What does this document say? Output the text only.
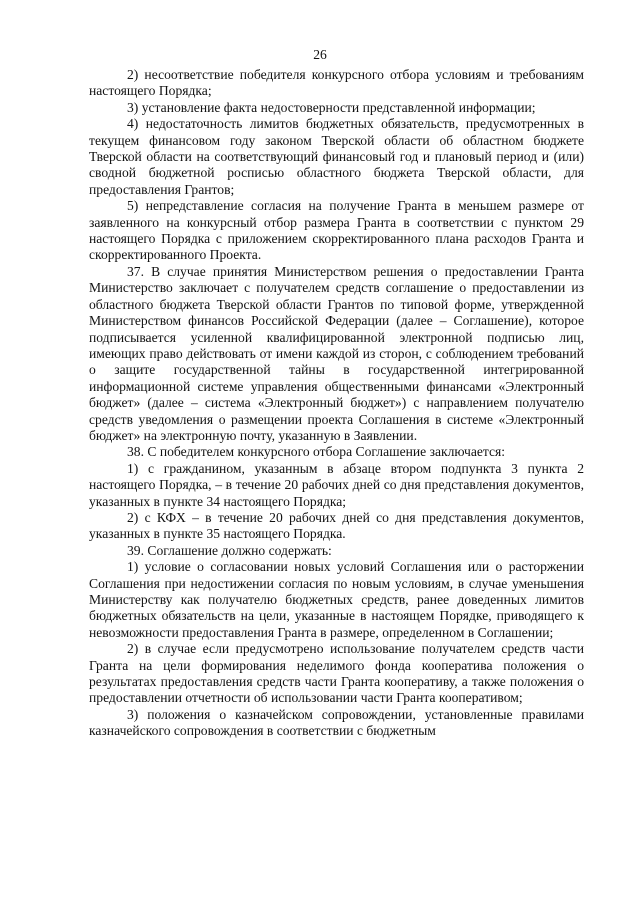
26

2) несоответствие победителя конкурсного отбора условиям и требованиям настоящего Порядка;

3) установление факта недостоверности представленной информации;

4) недостаточность лимитов бюджетных обязательств, предусмотренных в текущем финансовом году законом Тверской области об областном бюджете Тверской области на соответствующий финансовый год и плановый период и (или) сводной бюджетной росписью областного бюджета Тверской области, для предоставления Грантов;

5) непредставление согласия на получение Гранта в меньшем размере от заявленного на конкурсный отбор размера Гранта в соответствии с пунктом 29 настоящего Порядка с приложением скорректированного плана расходов Гранта и скорректированного Проекта.

37. В случае принятия Министерством решения о предоставлении Гранта Министерство заключает с получателем средств соглашение о предоставлении из областного бюджета Тверской области Грантов по типовой форме, утвержденной Министерством финансов Российской Федерации (далее – Соглашение), которое подписывается усиленной квалифицированной электронной подписью лиц, имеющих право действовать от имени каждой из сторон, с соблюдением требований о защите государственной тайны в государственной интегрированной информационной системе управления общественными финансами «Электронный бюджет» (далее – система «Электронный бюджет») с направлением получателю средств уведомления о размещении проекта Соглашения в системе «Электронный бюджет» на электронную почту, указанную в Заявлении.

38. С победителем конкурсного отбора Соглашение заключается:

1) с гражданином, указанным в абзаце втором подпункта 3 пункта 2 настоящего Порядка, – в течение 20 рабочих дней со дня представления документов, указанных в пункте 34 настоящего Порядка;

2) с КФХ – в течение 20 рабочих дней со дня представления документов, указанных в пункте 35 настоящего Порядка.

39. Соглашение должно содержать:

1) условие о согласовании новых условий Соглашения или о расторжении Соглашения при недостижении согласия по новым условиям, в случае уменьшения Министерству как получателю бюджетных средств, ранее доведенных лимитов бюджетных обязательств на цели, указанные в настоящем Порядке, приводящего к невозможности предоставления Гранта в размере, определенном в Соглашении;

2) в случае если предусмотрено использование получателем средств части Гранта на цели формирования неделимого фонда кооператива положения о результатах предоставления средств части Гранта кооперативу, а также положения о предоставлении отчетности об использовании части Гранта кооперативом;

3) положения о казначейском сопровождении, установленные правилами казначейского сопровождения в соответствии с бюджетным
